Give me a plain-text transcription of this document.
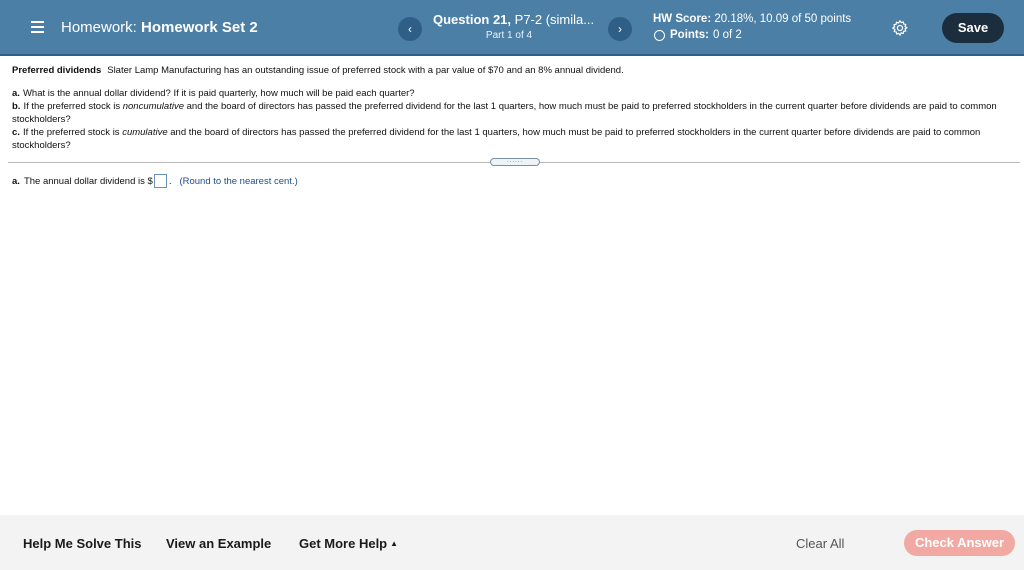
Homework: Homework Set 2	‹
Question 21, P7-2 (simila...
Part 1 of 4	›
HW Score: 20.18%, 10.09 of 50 points
Points: 0 of 2	Save
Preferred dividends Slater Lamp Manufacturing has an outstanding issue of preferred stock with a par value of $70 and an 8% annual dividend.

a. What is the annual dollar dividend? If it is paid quarterly, how much will be paid each quarter?

b. If the preferred stock is noncumulative and the board of directors has passed the preferred dividend for the last 1 quarters, how much must be paid to preferred stockholders in the current quarter before dividends are paid to common stockholders?

c. If the preferred stock is cumulative and the board of directors has passed the preferred dividend for the last 1 quarters, how much must be paid to preferred stockholders in the current quarter before dividends are paid to common stockholders?

......
a. The annual dollar dividend is $ . (Round to the nearest cent.)
Help Me Solve This View an Example Get More Help ▲	Clear All	Check Answer
